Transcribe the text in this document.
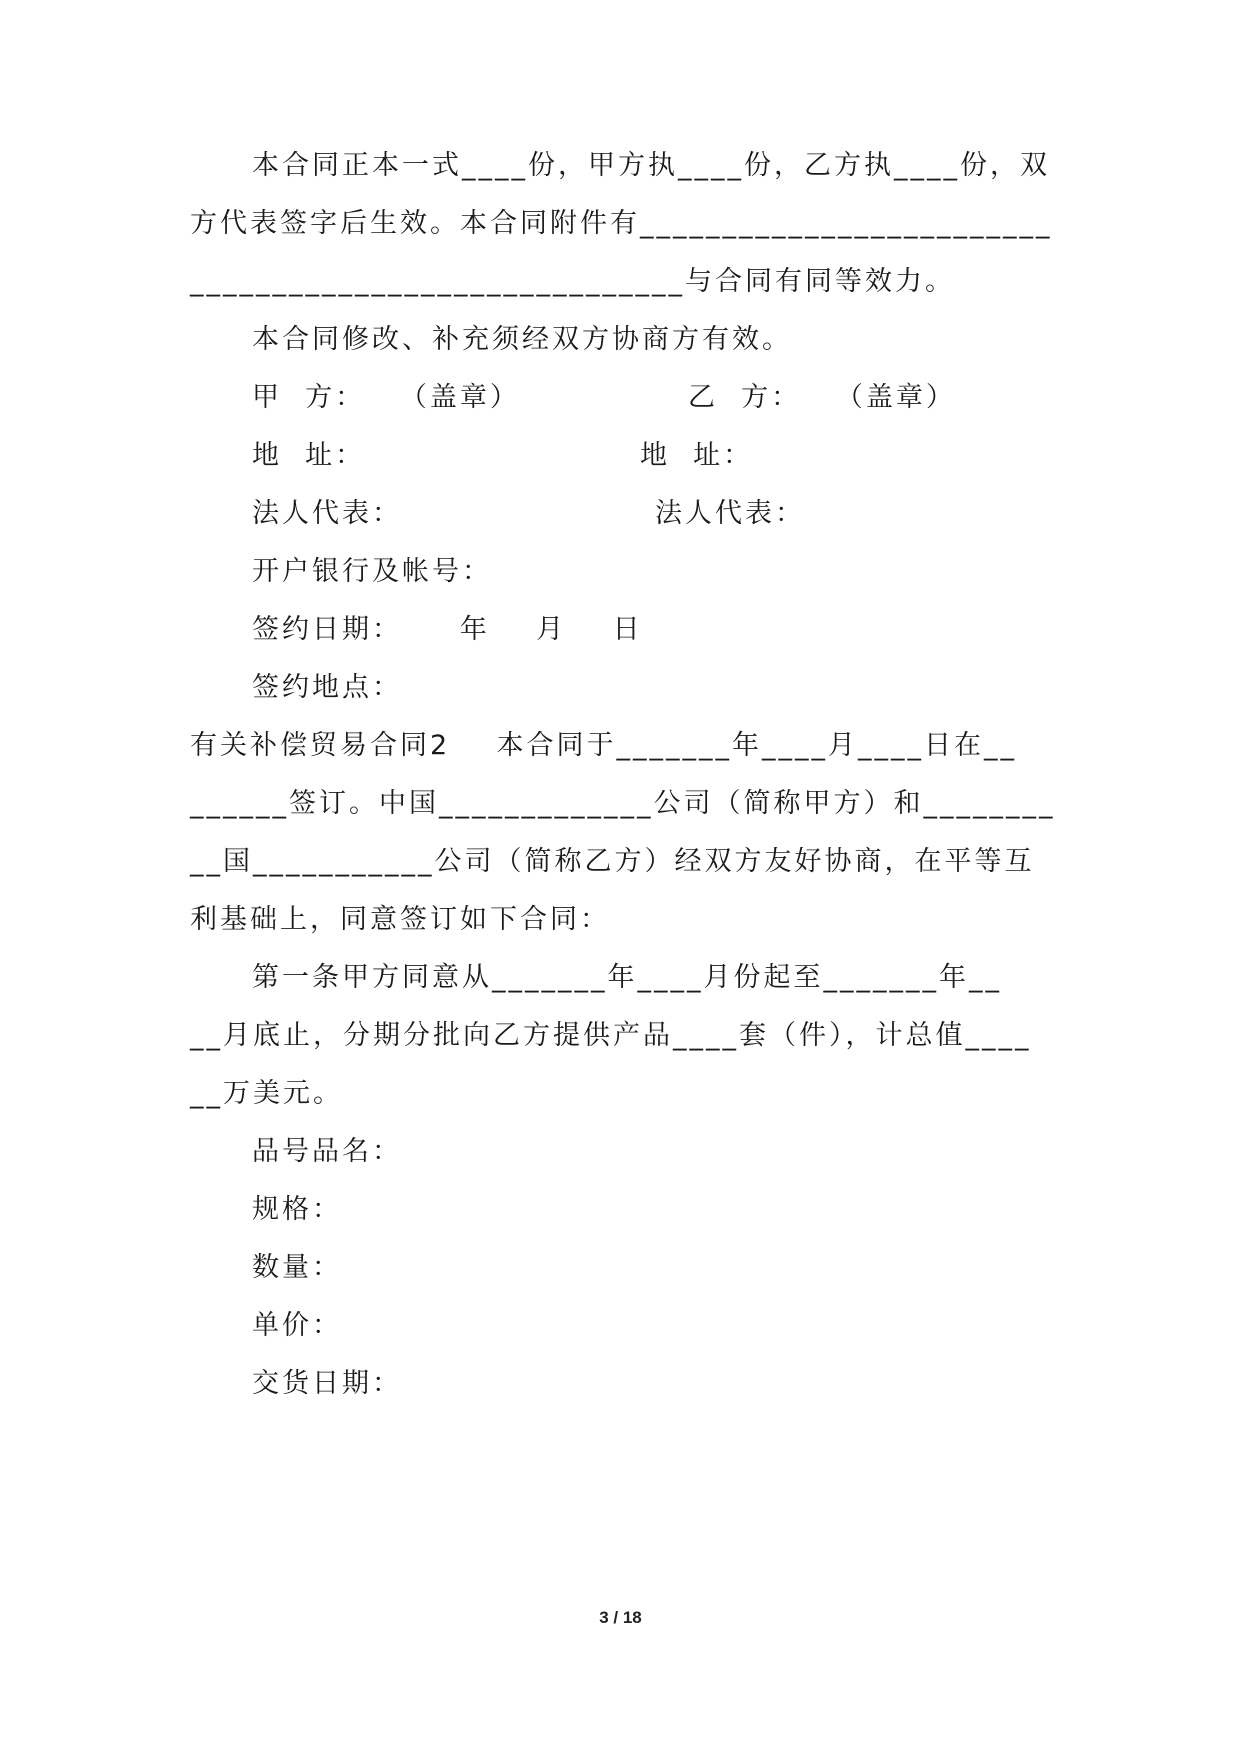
本合同正本一式____份，甲方执____份，乙方执____份，双
方代表签字后生效。本合同附件有_________________________
______________________________与合同有同等效力。
本合同修改、补充须经双方协商方有效。
甲  方：   （盖章）	乙  方：   （盖章）
地  址：	地  址：
法人代表：	法人代表：
开户银行及帐号：
签约日期：     年    月    日
签约地点：
有关补偿贸易合同2    本合同于_______年____月____日在__
______签订。中国_____________公司（简称甲方）和________
__国___________公司（简称乙方）经双方友好协商，在平等互
利基础上，同意签订如下合同：
第一条甲方同意从_______年____月份起至_______年__
__月底止，分期分批向乙方提供产品____套（件），计总值____
__万美元。
品号品名：
规格：
数量：
单价：
交货日期：
3 / 18
